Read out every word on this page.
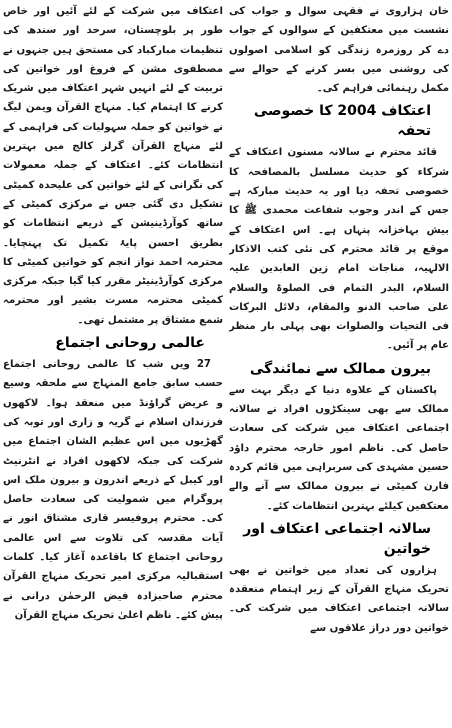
خان ہزاروی نے فقہی سوال و جواب کی نشست میں معتکفین کے سوالوں کے جواب دے کر روزمرہ زندگی کو اسلامی اصولوں کی روشنی میں بسر کرنے کے حوالے سے مکمل رہنمائی فراہم کی۔

اعتکاف 2004 کا خصوصی تحفہ

قائد محترم نے سالانہ مسنون اعتکاف کے شرکاء کو حدیث مسلسل بالمصافحہ کا خصوصی تحفہ دیا اور یہ حدیث مبارکہ ہے جس کے اندر وجوب شفاعت محمدی ﷺ کا بیش بہاخزانہ پنہاں ہے۔ اس اعتکاف کے موقع پر قائد محترم کی نئی کتب الاذکار الالہیہ، مناجات امام زین العابدین علیہ السلام، البدر التمام فی الصلوۃ والسلام علی صاحب الدنو والمقام، دلائل البرکات فی التحیات والصلوات بھی پہلی بار منظر عام پر آئیں۔

بیرون ممالک سے نمائندگی

پاکستان کے علاوہ دنیا کے دیگر بہت سے ممالک سے بھی سینکڑوں افراد نے سالانہ اجتماعی اعتکاف میں شرکت کی سعادت حاصل کی۔ ناظم امور خارجہ محترم داؤد حسین مشہدی کی سربراہی میں قائم کردہ فارن کمیٹی نے بیرون ممالک سے آنے والے معتکفین کیلئے بہترین انتظامات کئے۔

سالانہ اجتماعی اعتکاف اور خواتین

ہزاروں کی تعداد میں خواتین نے بھی تحریک منہاج القرآن کے زیر اہتمام منعقدہ سالانہ اجتماعی اعتکاف میں شرکت کی۔ خواتین دور دراز علاقوں سے

اعتکاف میں شرکت کے لئے آئیں اور خاص طور پر بلوچستان، سرحد اور سندھ کی تنظیمات مبارکباد کی مستحق ہیں جنہوں نے مصطفوی مشن کے فروغ اور خواتین کی تربیت کے لئے انہیں شہر اعتکاف میں شریک کرنے کا اہتمام کیا۔ منہاج القرآن ویمن لیگ نے خواتین کو جملہ سہولیات کی فراہمی کے لئے منہاج القرآن گرلز کالج میں بہترین انتظامات کئے۔ اعتکاف کے جملہ معمولات کی نگرانی کے لئے خواتین کی علیحدہ کمیٹی تشکیل دی گئی جس نے مرکزی کمیٹی کے ساتھ کوآرڈینیشن کے ذریعے انتظامات کو بطریق احسن پایۂ تکمیل تک پہنچایا۔ محترمہ احمد نواز انجم کو خواتین کمیٹی کا مرکزی کوآرڈینیٹر مقرر کیا گیا جبکہ مرکزی کمیٹی محترمہ مسرت بشیر اور محترمہ شمع مشتاق پر مشتمل تھی۔

عالمی روحانی اجتماع

27 ویں شب کا عالمی روحانی اجتماع حسب سابق جامع المنہاج سے ملحقہ وسیع و عریض گراؤنڈ میں منعقد ہوا۔ لاکھوں فرزندان اسلام نے گریہ و زاری اور توبہ کی گھڑیوں میں اس عظیم الشان اجتماع میں شرکت کی جبکہ لاکھوں افراد نے انٹرنیٹ اور کیبل کے ذریعے اندرون و بیرون ملک اس پروگرام میں شمولیت کی سعادت حاصل کی۔ محترم پروفیسر قاری مشتاق انور نے آیات مقدسہ کی تلاوت سے اس عالمی روحانی اجتماع کا باقاعدہ آغاز کیا۔ کلمات استقبالیہ مرکزی امیر تحریک منہاج القرآن محترم صاحبزادہ فیض الرحمٰن درانی نے پیش کئے۔ ناظم اعلیٰ تحریک منہاج القرآن
